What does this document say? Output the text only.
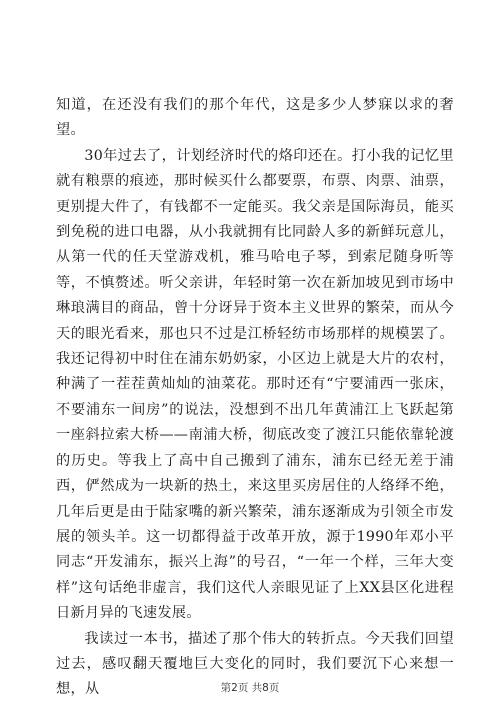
知道，在还没有我们的那个年代，这是多少人梦寐以求的奢望。

30年过去了，计划经济时代的烙印还在。打小我的记忆里就有粮票的痕迹，那时候买什么都要票，布票、肉票、油票，更别提大件了，有钱都不一定能买。我父亲是国际海员，能买到免税的进口电器，从小我就拥有比同龄人多的新鲜玩意儿，从第一代的任天堂游戏机，雅马哈电子琴，到索尼随身听等等，不慎赘述。听父亲讲，年轻时第一次在新加坡见到市场中琳琅满目的商品，曾十分讶异于资本主义世界的繁荣，而从今天的眼光看来，那也只不过是江桥轻纺市场那样的规模罢了。我还记得初中时住在浦东奶奶家，小区边上就是大片的农村，种满了一茬茬黄灿灿的油菜花。那时还有“宁要浦西一张床，不要浦东一间房”的说法，没想到不出几年黄浦江上飞跃起第一座斜拉索大桥——南浦大桥，彻底改变了渡江只能依靠轮渡的历史。等我上了高中自己搬到了浦东，浦东已经无差于浦西，俨然成为一块新的热土，来这里买房居住的人络绎不绝，几年后更是由于陆家嘴的新兴繁荣，浦东逐渐成为引领全市发展的领头羊。这一切都得益于改革开放，源于1990年邓小平同志“开发浦东，振兴上海”的号召，“一年一个样，三年大变样”这句话绝非虚言，我们这代人亲眼见证了上XX县区化进程日新月异的飞速发展。

我读过一本书，描述了那个伟大的转折点。今天我们回望过去，感叹翻天覆地巨大变化的同时，我们要沉下心来想一想，从	第2页 共8页
